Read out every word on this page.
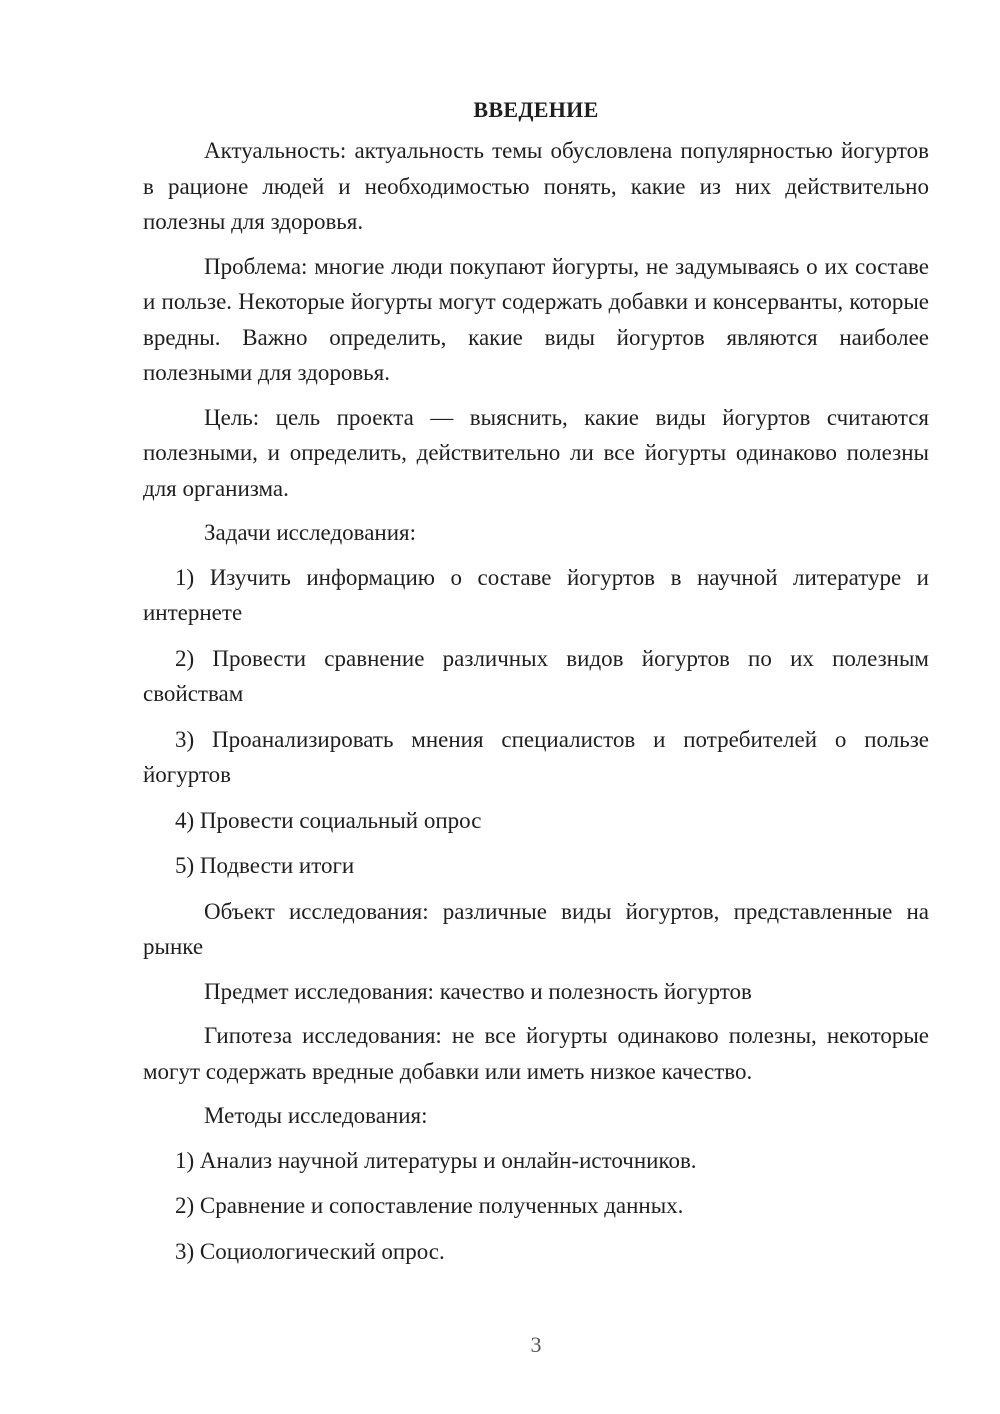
ВВЕДЕНИЕ

Актуальность: актуальность темы обусловлена популярностью йогуртов в рационе людей и необходимостью понять, какие из них действительно полезны для здоровья.

Проблема: многие люди покупают йогурты, не задумываясь о их составе и пользе. Некоторые йогурты могут содержать добавки и консерванты, которые вредны. Важно определить, какие виды йогуртов являются наиболее полезными для здоровья.

Цель: цель проекта — выяснить, какие виды йогуртов считаются полезными, и определить, действительно ли все йогурты одинаково полезны для организма.

Задачи исследования:

1) Изучить информацию о составе йогуртов в научной литературе и интернете

2) Провести сравнение различных видов йогуртов по их полезным свойствам

3) Проанализировать мнения специалистов и потребителей о пользе йогуртов

4) Провести социальный опрос

5) Подвести итоги

Объект исследования: различные виды йогуртов, представленные на рынке

Предмет исследования: качество и полезность йогуртов

Гипотеза исследования: не все йогурты одинаково полезны, некоторые могут содержать вредные добавки или иметь низкое качество.

Методы исследования:

1) Анализ научной литературы и онлайн-источников.

2) Сравнение и сопоставление полученных данных.

3) Социологический опрос.

3
